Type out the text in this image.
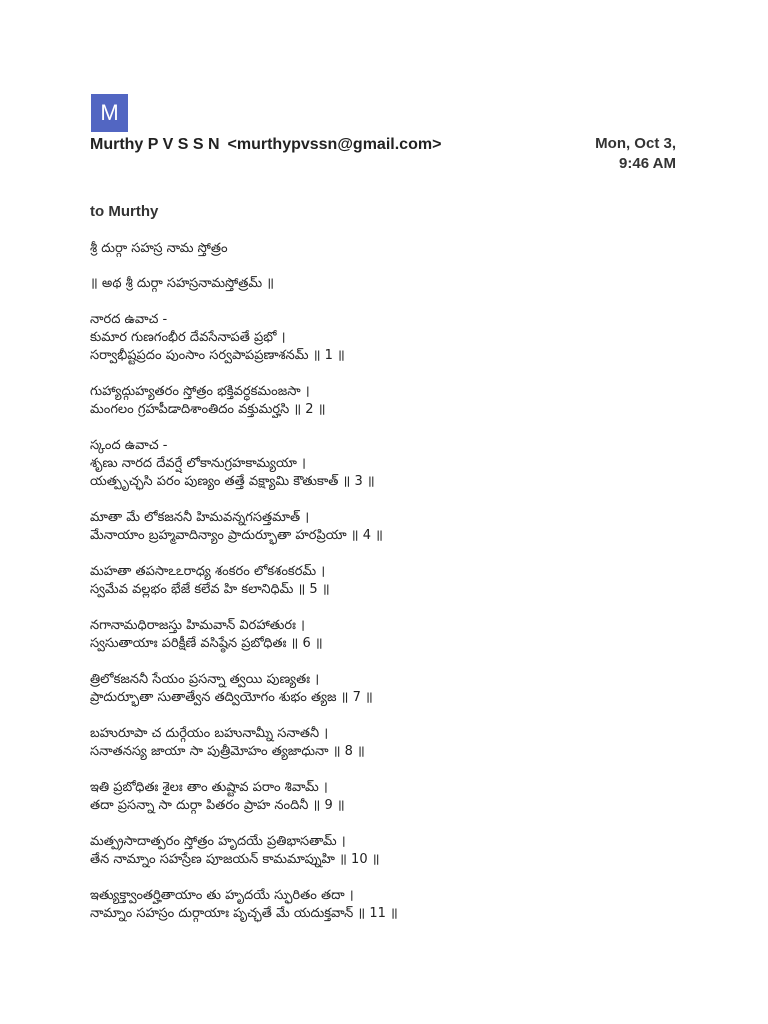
M
Murthy P V S S N <murthypvssn@gmail.com>	Mon, Oct 3,
9:46 AM
to Murthy
శ్రీ దుర్గా సహస్ర నామ స్తోత్రం
॥ అథ శ్రీ దుర్గా సహస్రనామస్తోత్రమ్ ॥
నారద ఉవాచ -
కుమార గుణగంభీర దేవసేనాపతే ప్రభో ।
సర్వాభీష్టప్రదం పుంసాం సర్వపాపప్రణాశనమ్ ॥ 1 ॥
గుహ్యాద్గుహ్యతరం స్తోత్రం భక్తివర్ధకమంజసా ।
మంగలం గ్రహపీడాదిశాంతిదం వక్తుమర్హసి ॥ 2 ॥
స్కంద ఉవాచ -
శృణు నారద దేవర్షే లోకానుగ్రహకామ్యయా ।
యత్పృచ్ఛసి పరం పుణ్యం తత్తే వక్ష్యామి కౌతుకాత్ ॥ 3 ॥
మాతా మే లోకజననీ హిమవన్నగసత్తమాత్ ।
మేనాయాం బ్రహ్మవాదిన్యాం ప్రాదుర్భూతా హరప్రియా ॥ 4 ॥
మహతా తపసాఽఽరాధ్య శంకరం లోకశంకరమ్ ।
స్వమేవ వల్లభం భేజే కలేవ హి కలానిధిమ్ ॥ 5 ॥
నగానామధిరాజస్తు హిమవాన్ విరహాతురః ।
స్వసుతాయాః పరిక్షీణే వసిష్ఠేన ప్రబోధితః ॥ 6 ॥
త్రిలోకజననీ సేయం ప్రసన్నా త్వయి పుణ్యతః ।
ప్రాదుర్భూతా సుతాత్వేన తద్వియోగం శుభం త్యజ ॥ 7 ॥
బహురూపా చ దుర్గేయం బహునామ్నీ సనాతనీ ।
సనాతనస్య జాయా సా పుత్రీమోహం త్యజాధునా ॥ 8 ॥
ఇతి ప్రబోధితః శైలః తాం తుష్టావ పరాం శివామ్ ।
తదా ప్రసన్నా సా దుర్గా పితరం ప్రాహ నందినీ ॥ 9 ॥
మత్ప్రసాదాత్పరం స్తోత్రం హృదయే ప్రతిభాసతామ్ ।
తేన నామ్నాం సహస్రేణ పూజయన్ కామమాప్నుహి ॥ 10 ॥
ఇత్యుక్త్వాంతర్హితాయాం తు హృదయే స్ఫురితం తదా ।
నామ్నాం సహస్రం దుర్గాయాః పృచ్ఛతే మే యదుక్తవాన్ ॥ 11 ॥
